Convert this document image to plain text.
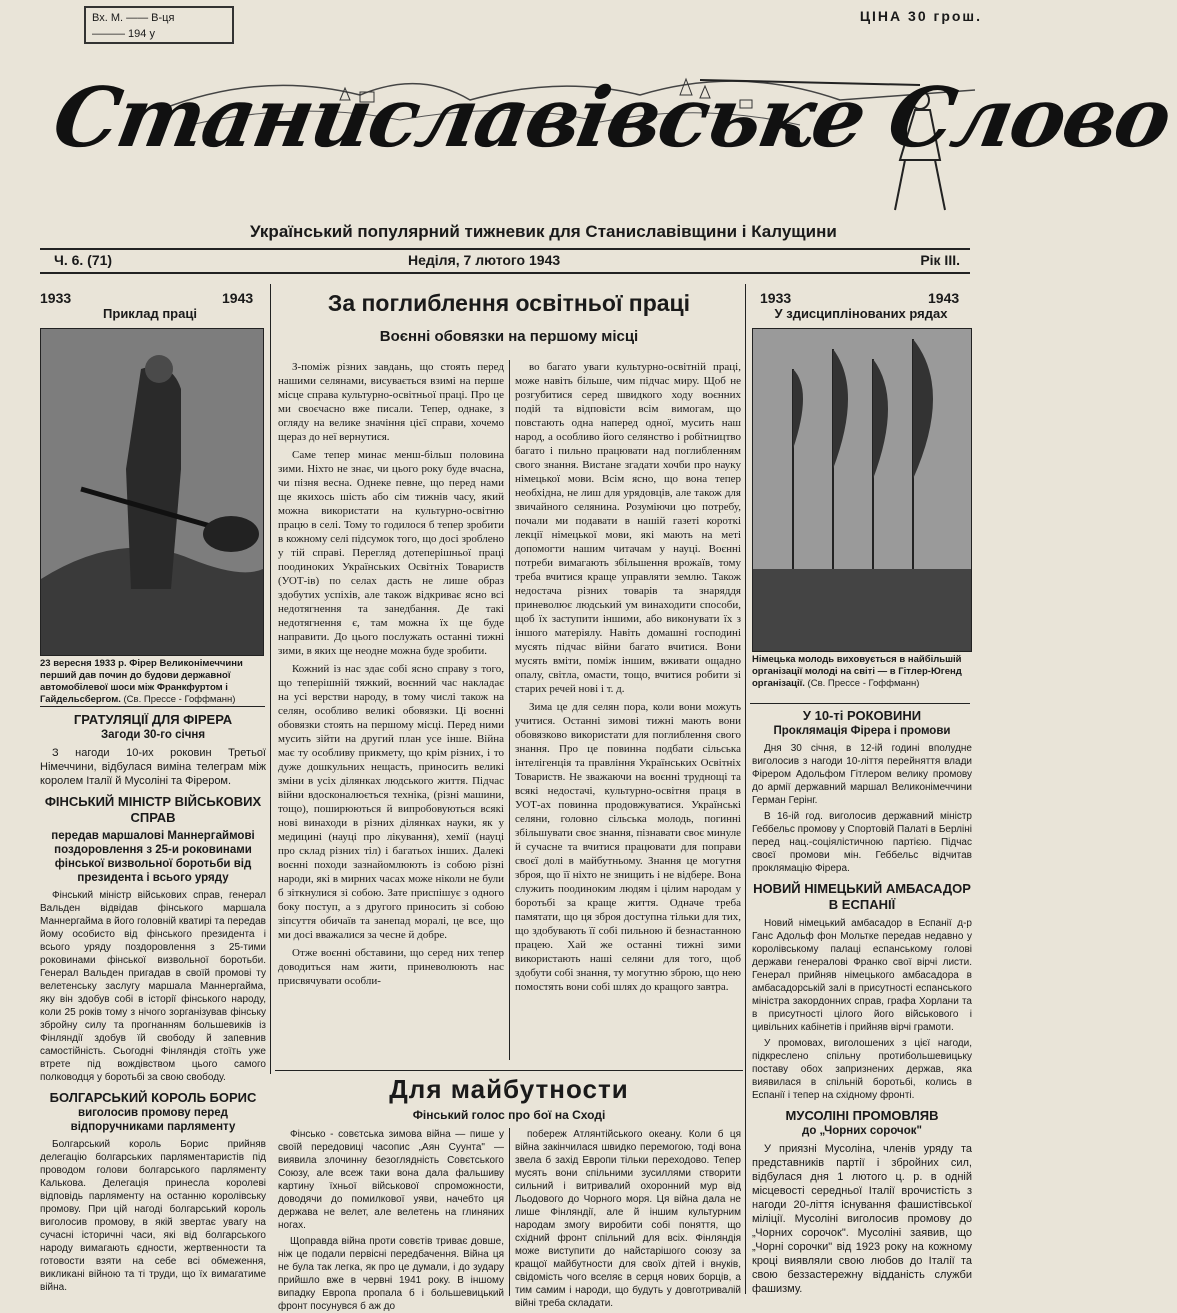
Вх. М. —— В-ця
——— 194 у
ЦІНА 30 грош.
Станиславівське Слово
Український популярний тижневик для Станиславівщини і Калущини
Ч. 6. (71)	Неділя, 7 лютого 1943	Рік III.
1933	1943
Приклад праці
23 вересня 1933 р. Фірер Великонімеччини перший дав почин до будови державної автомобілевої шоси між Франкфуртом і Гайдельсбергом. (Св. Прессе - Гоффманн)
1933	1943
У здисциплінованих рядах
Німецька молодь виховується в найбільшій організації молоді на світі — в Гітлер-Югенд організації. (Св. Прессе - Гоффманн)
За поглиблення освітньої праці
Воєнні обовязки на першому місці

З-поміж різних завдань, що стоять перед нашими селянами, висувається взимі на перше місце справа культурно-освітньої праці. Про це ми своєчасно вже писали. Тепер, однаке, з огляду на велике значіння цієї справи, хочемо щераз до неї вернутися.

Саме тепер минає менш-більш половина зими. Ніхто не знає, чи цього року буде вчасна, чи пізня весна. Однеке певне, що перед нами ще якихось шість або сім тижнів часу, який можна використати на культурно-освітню працю в селі. Тому то годилося б тепер зробити в кожному селі підсумок того, що досі зроблено у тій справі. Перегляд дотеперішньої праці поодиноких Українських Освітніх Товариств (УОТ-ів) по селах дасть не лише образ здобутих успіхів, але також відкриває ясно всі недотягнення та занедбання. Де такі недотягнення є, там можна їх ще буде направити. До цього послужать останні тижні зими, в яких ще неодне можна буде зробити.

Кожний із нас здає собі ясно справу з того, що теперішній тяжкий, воєнний час накладає на усі верстви народу, в тому числі також на селян, особливо великі обовязки. Ці воєнні обовязки стоять на першому місці. Перед ними мусить зійти на другий план усе інше. Війна має ту особливу прикмету, що крім різних, і то дуже дошкульних нещасть, приносить великі зміни в усіх ділянках людського життя. Підчас війни вдосконалюється техніка, (різні машини, тощо), поширюються й випробовуються всякі нові винаходи в різних ділянках науки, як у медицині (науці про лікування), хемії (науці про склад різних тіл) і багатьох інших. Далекі воєнні походи зазнайомлюють із собою різні народи, які в мирних часах може ніколи не були б зіткнулися зі собою. Зате приспішує з одного боку поступ, а з другого приносить зі собою зіпсуття обичаїв та занепад моралі, це все, що ми досі вважалися за чесне й добре.

Отже воєнні обставини, що серед них тепер доводиться нам жити, приневолюють нас присвячувати особли-

во багато уваги культурно-освітній праці, може навіть більше, чим підчас миру. Щоб не розгубитися серед швидкого ходу воєнних подій та відповісти всім вимогам, що повстають одна наперед одної, мусить наш народ, а особливо його селянство і робітництво багато і пильно працювати над поглибленням свого знання. Вистане згадати хочби про науку німецької мови. Всім ясно, що вона тепер необхідна, не лиш для урядовців, але також для звичайного селянина. Розуміючи цю потребу, почали ми подавати в нашій газеті короткі лекції німецької мови, які мають на меті допомогти нашим читачам у науці. Воєнні потреби вимагають збільшення врожаїв, тому треба вчитися краще управляти землю. Також недостача різних товарів та знаряддя приневолює людський ум винаходити способи, щоб їх заступити іншими, або виконувати їх з іншого матеріялу. Навіть домашні господині мусять підчас війни багато вчитися. Вони мусять вміти, поміж іншим, вживати ощадно опалу, світла, омасти, тощо, вчитися робити зі старих речей нові і т. д.

Зима це для селян пора, коли вони можуть учитися. Останні зимові тижні мають вони обовязково використати для поглиблення свого знання. Про це повинна подбати сільська інтелігенція та правління Українських Освітніх Товариств. Не зважаючи на воєнні труднощі та всякі недостачі, культурно-освітня праця в УОТ-ах повинна продовжуватися. Українські селяни, головно сільська молодь, погинні збільшувати своє знання, пізнавати своє минуле й сучасне та вчитися працювати для поправи своєї долі в майбутньому. Знання це могутня зброя, що її ніхто не знищить і не відбере. Вона служить поодиноким людям і цілим народам у боротьбі за краще життя. Одначе треба памятати, що ця зброя доступна тільки для тих, що здобувають її собі пильною й безнастанною працею. Хай же останні тижні зими використають наші селяни для того, щоб здобути собі знання, ту могутню зброю, що нею помостять вони собі шлях до кращого завтра.

Для майбутности
Фінський голос про бої на Сході

Фінсько - совєтська зимова війна — пише у своїй передовиці часопис „Аян Суунта" — виявила злочинну безоглядність Совєтського Союзу, але всеж таки вона дала фальшиву картину їхньої військової спроможности, доводячи до помилкової уяви, начебто ця держава не велет, але велетень на глиняних ногах.

Щоправда війна проти совєтів триває довше, ніж це подали первісні передбачення. Війна ця не була так легка, як про це думали, і до зудару прийшло вже в червні 1941 року. В іншому випадку Европа пропала б і большевицький фронт посунувся б аж до

побереж Атлянтійського океану. Коли б ця війна закінчилася швидко перемогою, тоді вона звела б захід Европи тільки переходово. Тепер мусять вони спільними зусиллями створити сильний і витривалий охоронний мур від Льодового до Чорного моря. Ця війна дала не лише Фінляндії, але й іншим культурним народам змогу виробити собі поняття, що східний фронт спільний для всіх. Фінляндія може виступити до найстарішого союзу за кращої майбутности для своїх дітей і внуків, свідомість чого вселяє в серця нових борців, а тим самим і народи, що будуть у довготривалій війні треба складати.

ГРАТУЛЯЦІЇ ДЛЯ ФІРЕРА
Загоди 30-го січня

З нагоди 10-их роковин Третьої Німеччини, відбулася виміна телеграм між королем Італії й Мусоліні та Фірером.

ФІНСЬКИЙ МІНІСТР ВІЙСЬКОВИХ СПРАВ
передав маршалові Маннергаймові поздоровлення з 25-и роковинами фінської визвольної боротьби від президента і всього уряду

Фінський міністр військових справ, генерал Вальден відвідав фінського маршала Маннергайма в його головній кватирі та передав йому особисто від фінського президента і всього уряду поздоровлення з 25-тими роковинами фінської визвольної боротьби. Генерал Вальден пригадав в своїй промові ту велетенську заслугу маршала Маннергайма, яку він здобув собі в історії фінського народу, коли 25 років тому з нічого зорганізував фінську збройну силу та прогнанням большевиків із Фінляндії здобув їй свободу й запевнив самостійність. Сьогодні Фінляндія стоїть уже втрете під вождівством цього самого полководця у боротьбі за свою свободу.

БОЛГАРСЬКИЙ КОРОЛЬ БОРИС
виголосив промову перед відпоручниками парляменту

Болгарський король Борис прийняв делегацію болгарських парляментаристів під проводом голови болгарського парляменту Калькова. Делегація принесла королеві відповідь парляменту на останню королівську промову. При цій нагоді болгарський король виголосив промову, в якій звертає увагу на сучасні історичні часи, які від болгарського народу вимагають єдности, жертвенности та готовости взяти на себе всі обмеження, викликані війною та ті труди, що їх вимагатиме війна.

У 10-ті РОКОВИНИ
Проклямація Фірера і промови

Дня 30 січня, в 12-ій годині вполудне виголосив з нагоди 10-ліття перейняття влади Фірером Адольфом Гітлером велику промову до армії державний маршал Великонімеччини Герман Герінг.

В 16-ій год. виголосив державний міністр Геббельс промову у Спортовій Палаті в Берліні перед нац.-соціялістичною партією. Підчас своєї промови мін. Геббельс відчитав проклямацію Фірера.

НОВИЙ НІМЕЦЬКИЙ АМБАСАДОР В ЕСПАНІЇ

Новий німецький амбасадор в Еспанії д-р Ганс Адольф фон Мольтке передав недавно у королівському палаці еспанському голові держави генералові Франко свої вірчі листи. Генерал прийняв німецького амбасадора в амбасадорській залі в присутності еспанського міністра закордонних справ, графа Хорлани та в присутності цілого його військового і цивільних кабінетів і прийняв вірчі грамоти.

У промовах, виголошених з цієї нагоди, підкреслено спільну протибольшевицьку поставу обох запризнених держав, яка виявилася в спільній боротьбі, колись в Еспанії і тепер на східному фронті.

МУСОЛІНІ ПРОМОВЛЯВ
до „Чорних сорочок"

У приязні Мусоліна, членів уряду та представників партії і збройних сил, відбулася дня 1 лютого ц. р. в одній місцевості середньої Італії врочистість з нагоди 20-ліття існування фашистівської міліції. Мусоліні виголосив промову до „Чорних сорочок". Мусоліні заявив, що „Чорні сорочки" від 1923 року на кожному кроці виявляли свою любов до Італії та свою беззастережну відданість служби фашизму.
